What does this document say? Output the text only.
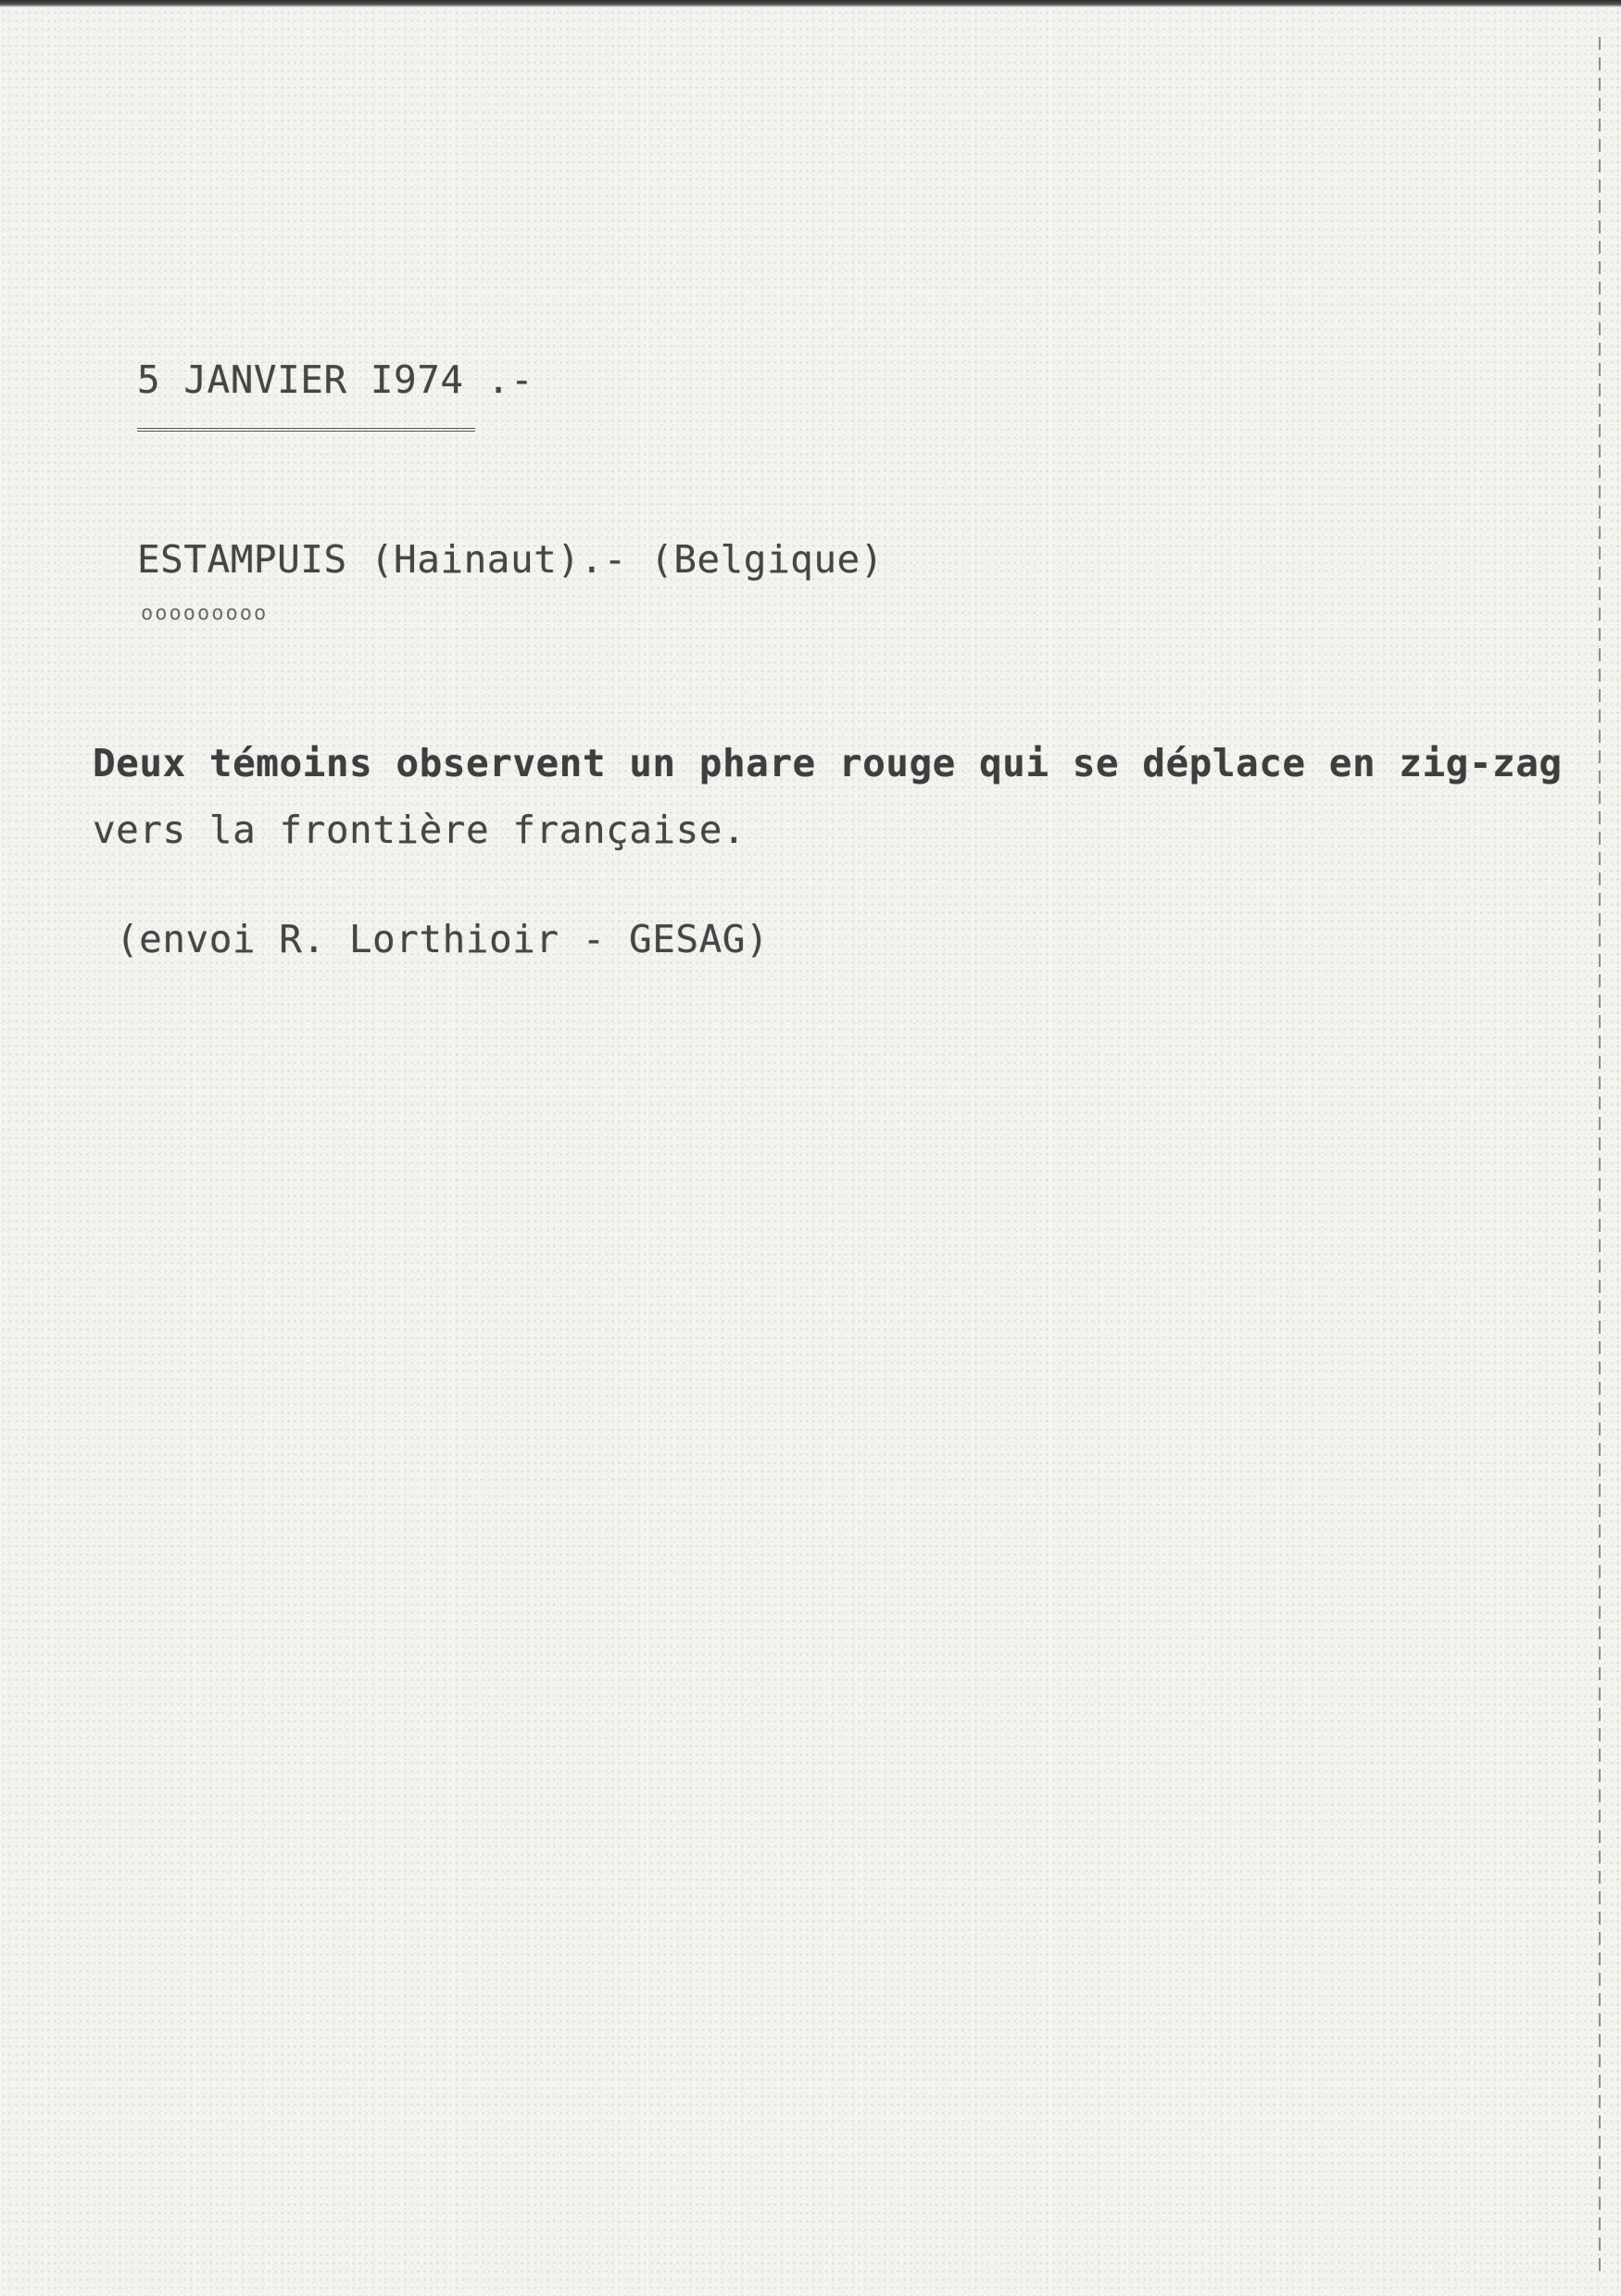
5 JANVIER I974 .-
ESTAMPUIS (Hainaut).- (Belgique)
ooooooooo
Deux témoins observent un phare rouge qui se déplace en zig-zag
vers la frontière française.
(envoi R. Lorthioir - GESAG)
